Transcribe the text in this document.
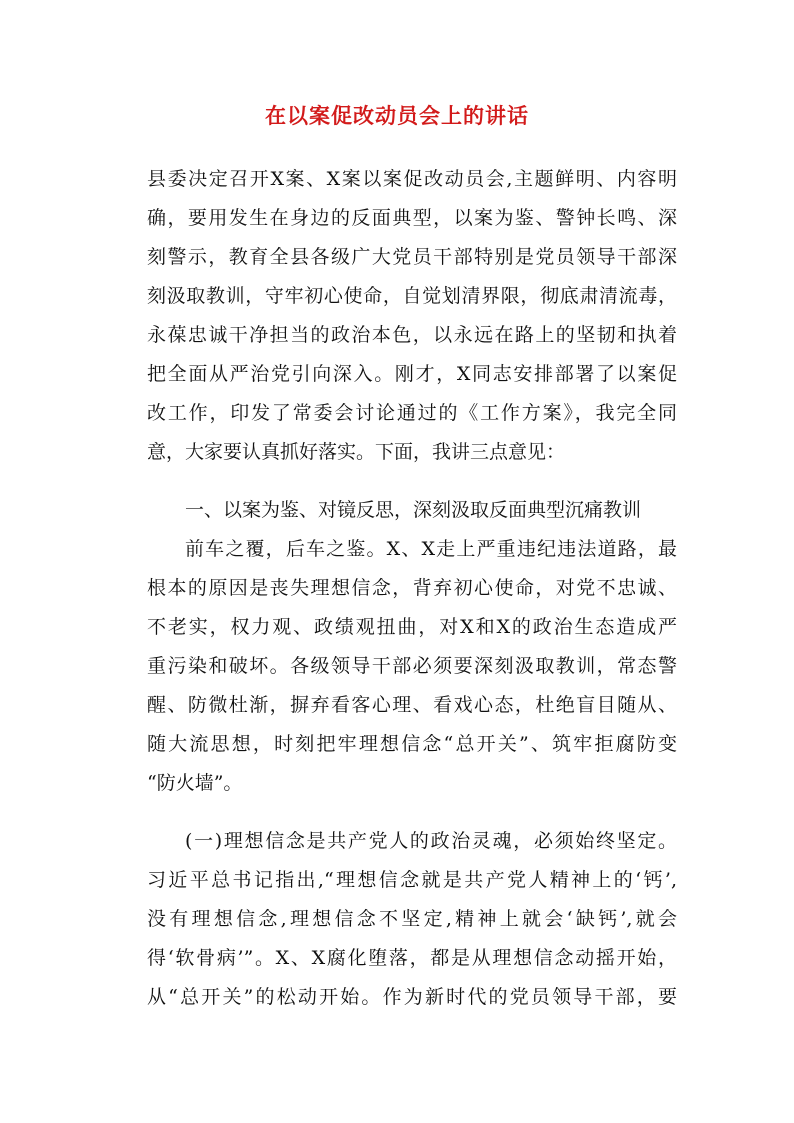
在以案促改动员会上的讲话
县委决定召开X案、X案以案促改动员会,主题鲜明、内容明
确，要用发生在身边的反面典型，以案为鉴、警钟长鸣、深
刻警示，教育全县各级广大党员干部特别是党员领导干部深
刻汲取教训，守牢初心使命，自觉划清界限，彻底肃清流毒，
永葆忠诚干净担当的政治本色，以永远在路上的坚韧和执着
把全面从严治党引向深入。刚才，X同志安排部署了以案促
改工作，印发了常委会讨论通过的《工作方案》，我完全同
意，大家要认真抓好落实。下面，我讲三点意见：
一、以案为鉴、对镜反思，深刻汲取反面典型沉痛教训
前车之覆，后车之鉴。X、X走上严重违纪违法道路，最
根本的原因是丧失理想信念，背弃初心使命，对党不忠诚、
不老实，权力观、政绩观扭曲，对X和X的政治生态造成严
重污染和破坏。各级领导干部必须要深刻汲取教训，常态警
醒、防微杜渐，摒弃看客心理、看戏心态，杜绝盲目随从、
随大流思想，时刻把牢理想信念“总开关”、筑牢拒腐防变
“防火墙”。
(一)理想信念是共产党人的政治灵魂，必须始终坚定。
习近平总书记指出,“理想信念就是共产党人精神上的‘钙’,
没有理想信念,理想信念不坚定,精神上就会‘缺钙’,就会
得‘软骨病’”。X、X腐化堕落，都是从理想信念动摇开始，
从“总开关”的松动开始。作为新时代的党员领导干部，要
